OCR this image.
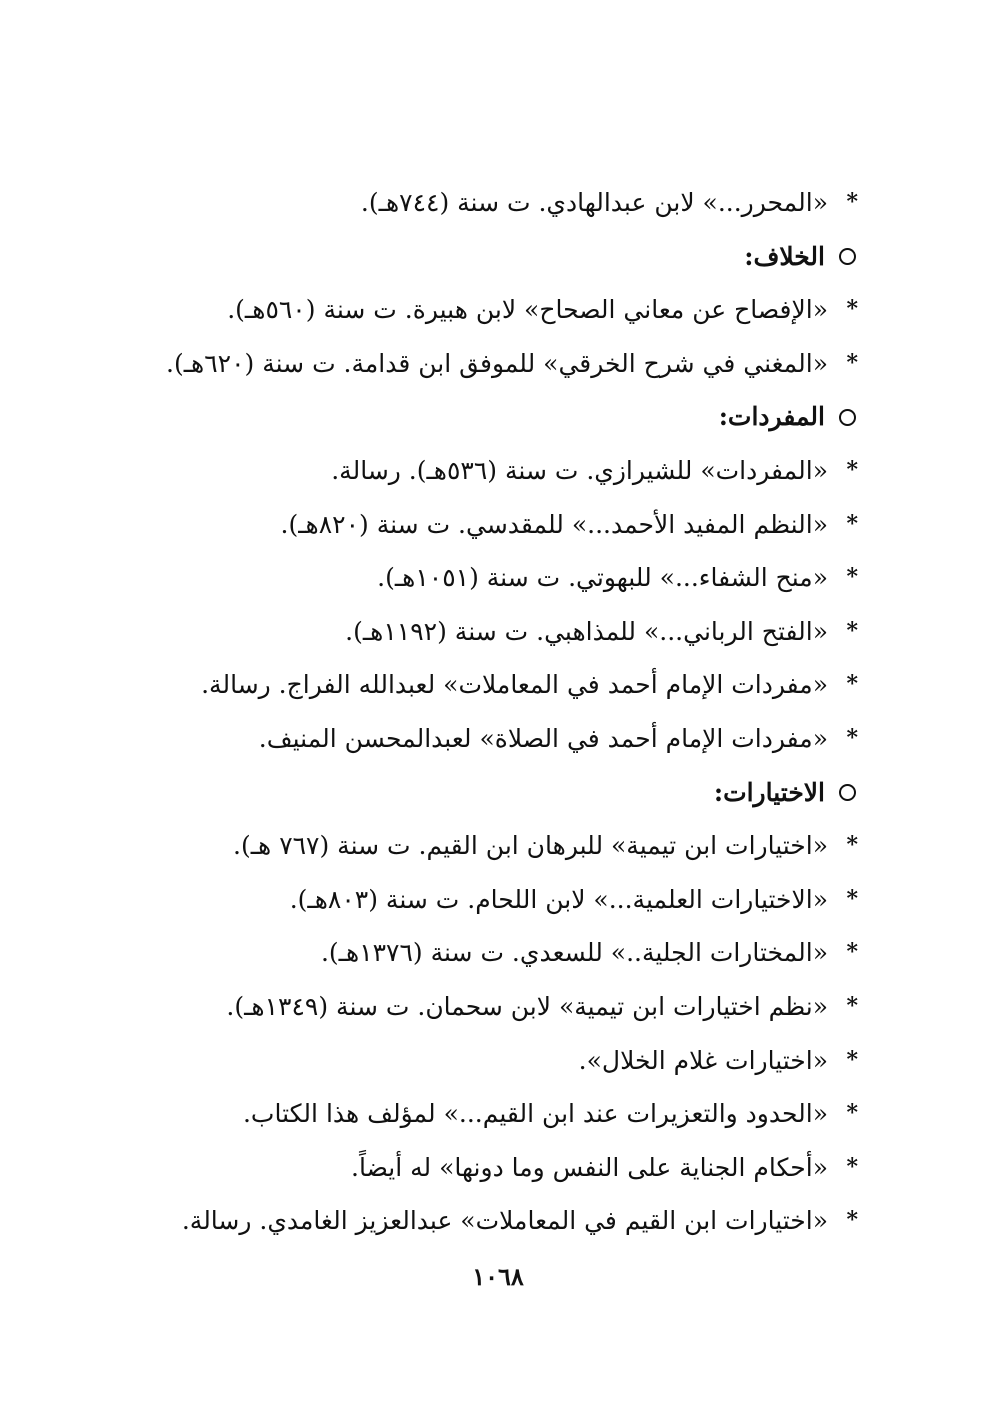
*
«المحرر...» لابن عبدالهادي. ت سنة (٧٤٤هـ).
الخلاف:
*
«الإفصاح عن معاني الصحاح» لابن هبيرة. ت سنة (٥٦٠هـ).
*
«المغني في شرح الخرقي» للموفق ابن قدامة. ت سنة (٦٢٠هـ).
المفردات:
*
«المفردات» للشيرازي. ت سنة (٥٣٦هـ). رسالة.
*
«النظم المفيد الأحمد...» للمقدسي. ت سنة (٨٢٠هـ).
*
«منح الشفاء...» للبهوتي. ت سنة (١٠٥١هـ).
*
«الفتح الرباني...» للمذاهبي. ت سنة (١١٩٢هـ).
*
«مفردات الإمام أحمد في المعاملات» لعبدالله الفراج. رسالة.
*
«مفردات الإمام أحمد في الصلاة» لعبدالمحسن المنيف.
الاختيارات:
*
«اختيارات ابن تيمية» للبرهان ابن القيم. ت سنة (٧٦٧ هـ).
*
«الاختيارات العلمية...» لابن اللحام. ت سنة (٨٠٣هـ).
*
«المختارات الجلية..» للسعدي. ت سنة (١٣٧٦هـ).
*
«نظم اختيارات ابن تيمية» لابن سحمان. ت سنة (١٣٤٩هـ).
*
«اختيارات غلام الخلال».
*
«الحدود والتعزيرات عند ابن القيم...» لمؤلف هذا الكتاب.
*
«أحكام الجناية على النفس وما دونها» له أيضاً.
*
«اختيارات ابن القيم في المعاملات» عبدالعزيز الغامدي. رسالة.
١٠٦٨
